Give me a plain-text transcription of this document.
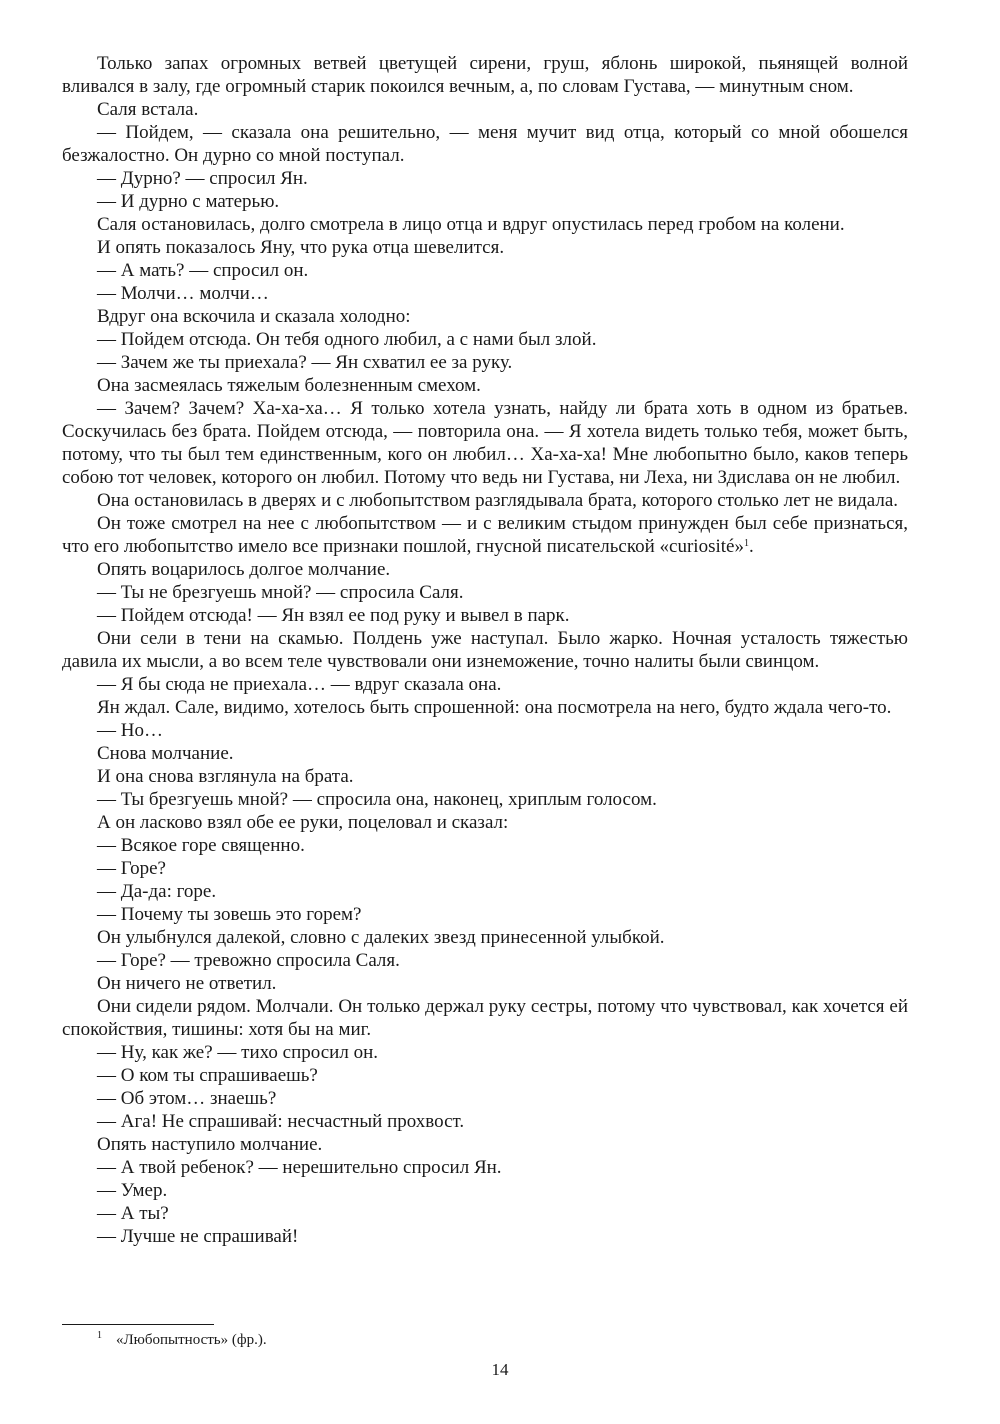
Только запах огромных ветвей цветущей сирени, груш, яблонь широкой, пьянящей волной вливался в залу, где огромный старик покоился вечным, а, по словам Густава, — минутным сном.

Саля встала.

— Пойдем, — сказала она решительно, — меня мучит вид отца, который со мной обошелся безжалостно. Он дурно со мной поступал.

— Дурно? — спросил Ян.

— И дурно с матерью.

Саля остановилась, долго смотрела в лицо отца и вдруг опустилась перед гробом на колени.

И опять показалось Яну, что рука отца шевелится.

— А мать? — спросил он.

— Молчи… молчи…

Вдруг она вскочила и сказала холодно:

— Пойдем отсюда. Он тебя одного любил, а с нами был злой.

— Зачем же ты приехала? — Ян схватил ее за руку.

Она засмеялась тяжелым болезненным смехом.

— Зачем? Зачем? Ха-ха-ха… Я только хотела узнать, найду ли брата хоть в одном из братьев. Соскучилась без брата. Пойдем отсюда, — повторила она. — Я хотела видеть только тебя, может быть, потому, что ты был тем единственным, кого он любил… Ха-ха-ха! Мне любопытно было, каков теперь собою тот человек, которого он любил. Потому что ведь ни Густава, ни Леха, ни Здислава он не любил.

Она остановилась в дверях и с любопытством разглядывала брата, которого столько лет не видала.

Он тоже смотрел на нее с любопытством — и с великим стыдом принужден был себе признаться, что его любопытство имело все признаки пошлой, гнусной писательской «curiosité»$^1$.

Опять воцарилось долгое молчание.

— Ты не брезгуешь мной? — спросила Саля.

— Пойдем отсюда! — Ян взял ее под руку и вывел в парк.

Они сели в тени на скамью. Полдень уже наступал. Было жарко. Ночная усталость тяжестью давила их мысли, а во всем теле чувствовали они изнеможение, точно налиты были свинцом.

— Я бы сюда не приехала… — вдруг сказала она.

Ян ждал. Сале, видимо, хотелось быть спрошенной: она посмотрела на него, будто ждала чего-то.

— Но…

Снова молчание.

И она снова взглянула на брата.

— Ты брезгуешь мной? — спросила она, наконец, хриплым голосом.

А он ласково взял обе ее руки, поцеловал и сказал:

— Всякое горе священно.

— Горе?

— Да-да: горе.

— Почему ты зовешь это горем?

Он улыбнулся далекой, словно с далеких звезд принесенной улыбкой.

— Горе? — тревожно спросила Саля.

Он ничего не ответил.

Они сидели рядом. Молчали. Он только держал руку сестры, потому что чувствовал, как хочется ей спокойствия, тишины: хотя бы на миг.

— Ну, как же? — тихо спросил он.

— О ком ты спрашиваешь?

— Об этом… знаешь?

— Ага! Не спрашивай: несчастный прохвост.

Опять наступило молчание.

— А твой ребенок? — нерешительно спросил Ян.

— Умер.

— А ты?

— Лучше не спрашивай!

$^1$ «Любопытность» (фр.).
14
